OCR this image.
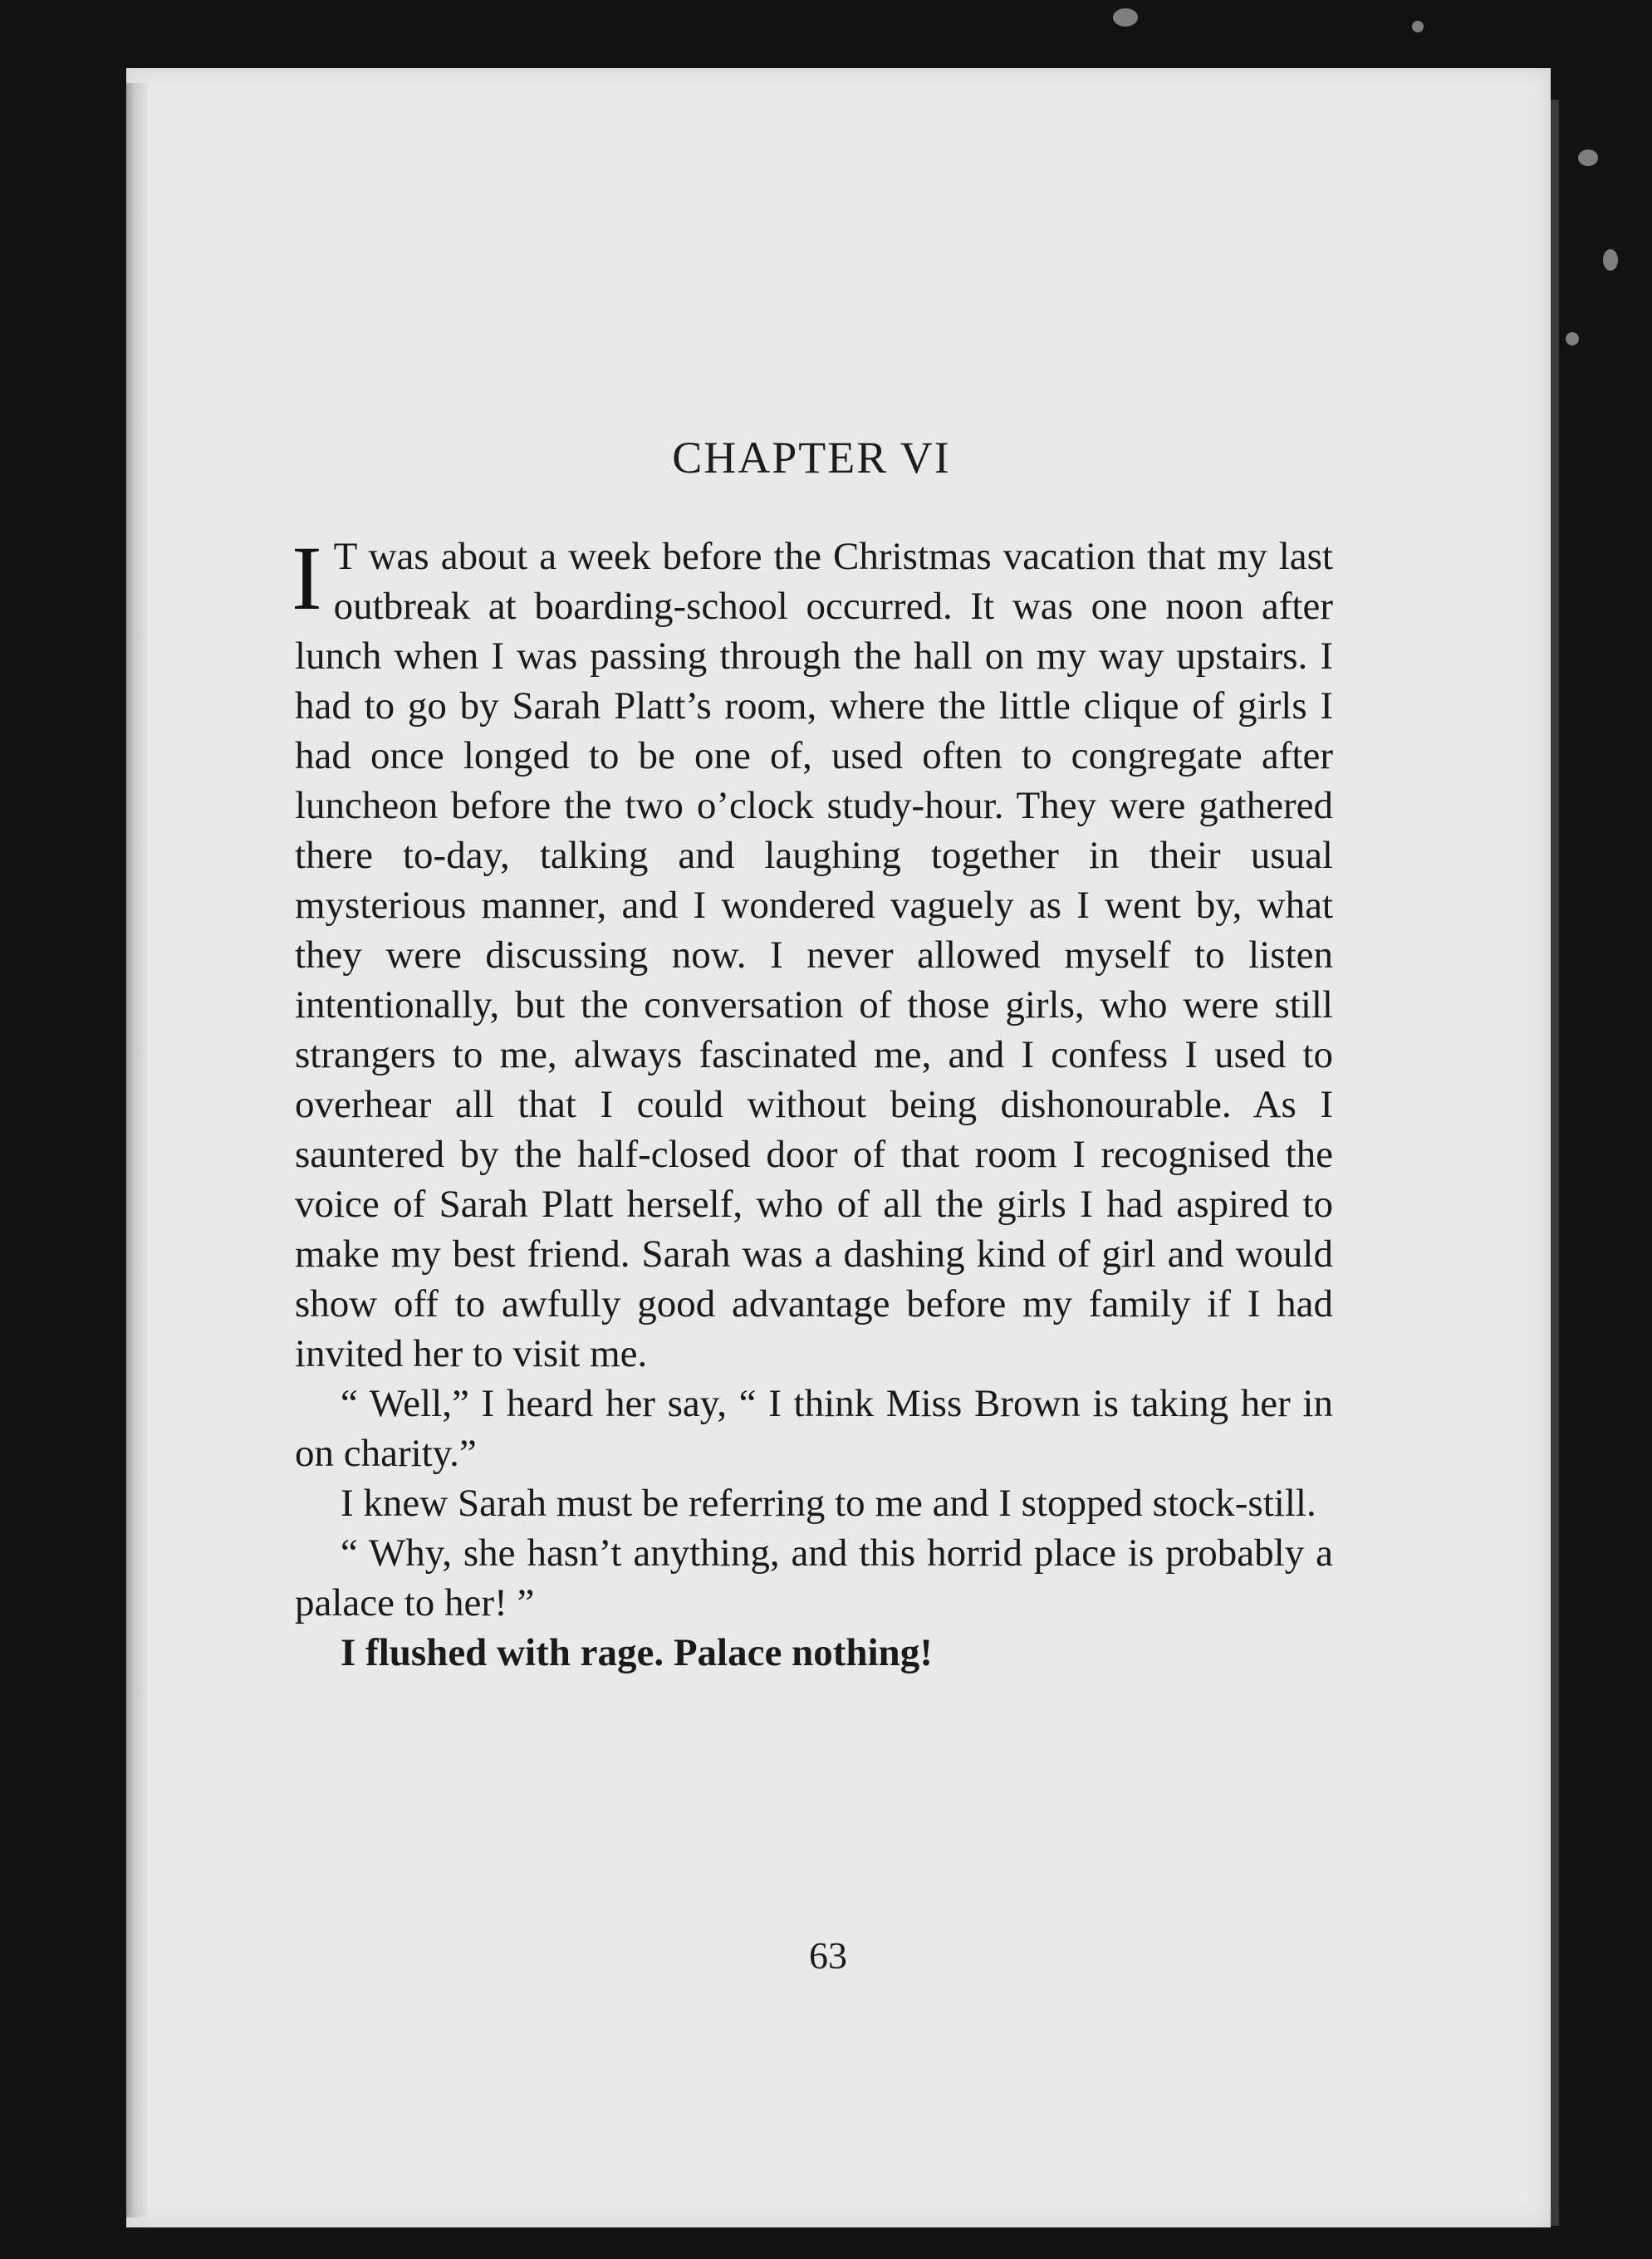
CHAPTER VI

I T was about a week before the Christmas vacation that my last outbreak at boarding-school occurred. It was one noon after lunch when I was passing through the hall on my way upstairs. I had to go by Sarah Platt’s room, where the little clique of girls I had once longed to be one of, used often to congregate after luncheon before the two o’clock study-hour. They were gathered there to-day, talking and laughing together in their usual mysterious manner, and I wondered vaguely as I went by, what they were discussing now. I never allowed myself to listen intentionally, but the conversation of those girls, who were still strangers to me, always fascinated me, and I confess I used to overhear all that I could without being dishonourable. As I sauntered by the half-closed door of that room I recognised the voice of Sarah Platt herself, who of all the girls I had aspired to make my best friend. Sarah was a dashing kind of girl and would show off to awfully good advantage before my family if I had invited her to visit me.

“ Well,” I heard her say, “ I think Miss Brown is taking her in on charity.”

I knew Sarah must be referring to me and I stopped stock-still.

“ Why, she hasn’t anything, and this horrid place is probably a palace to her! ”

I flushed with rage. Palace nothing!

63
